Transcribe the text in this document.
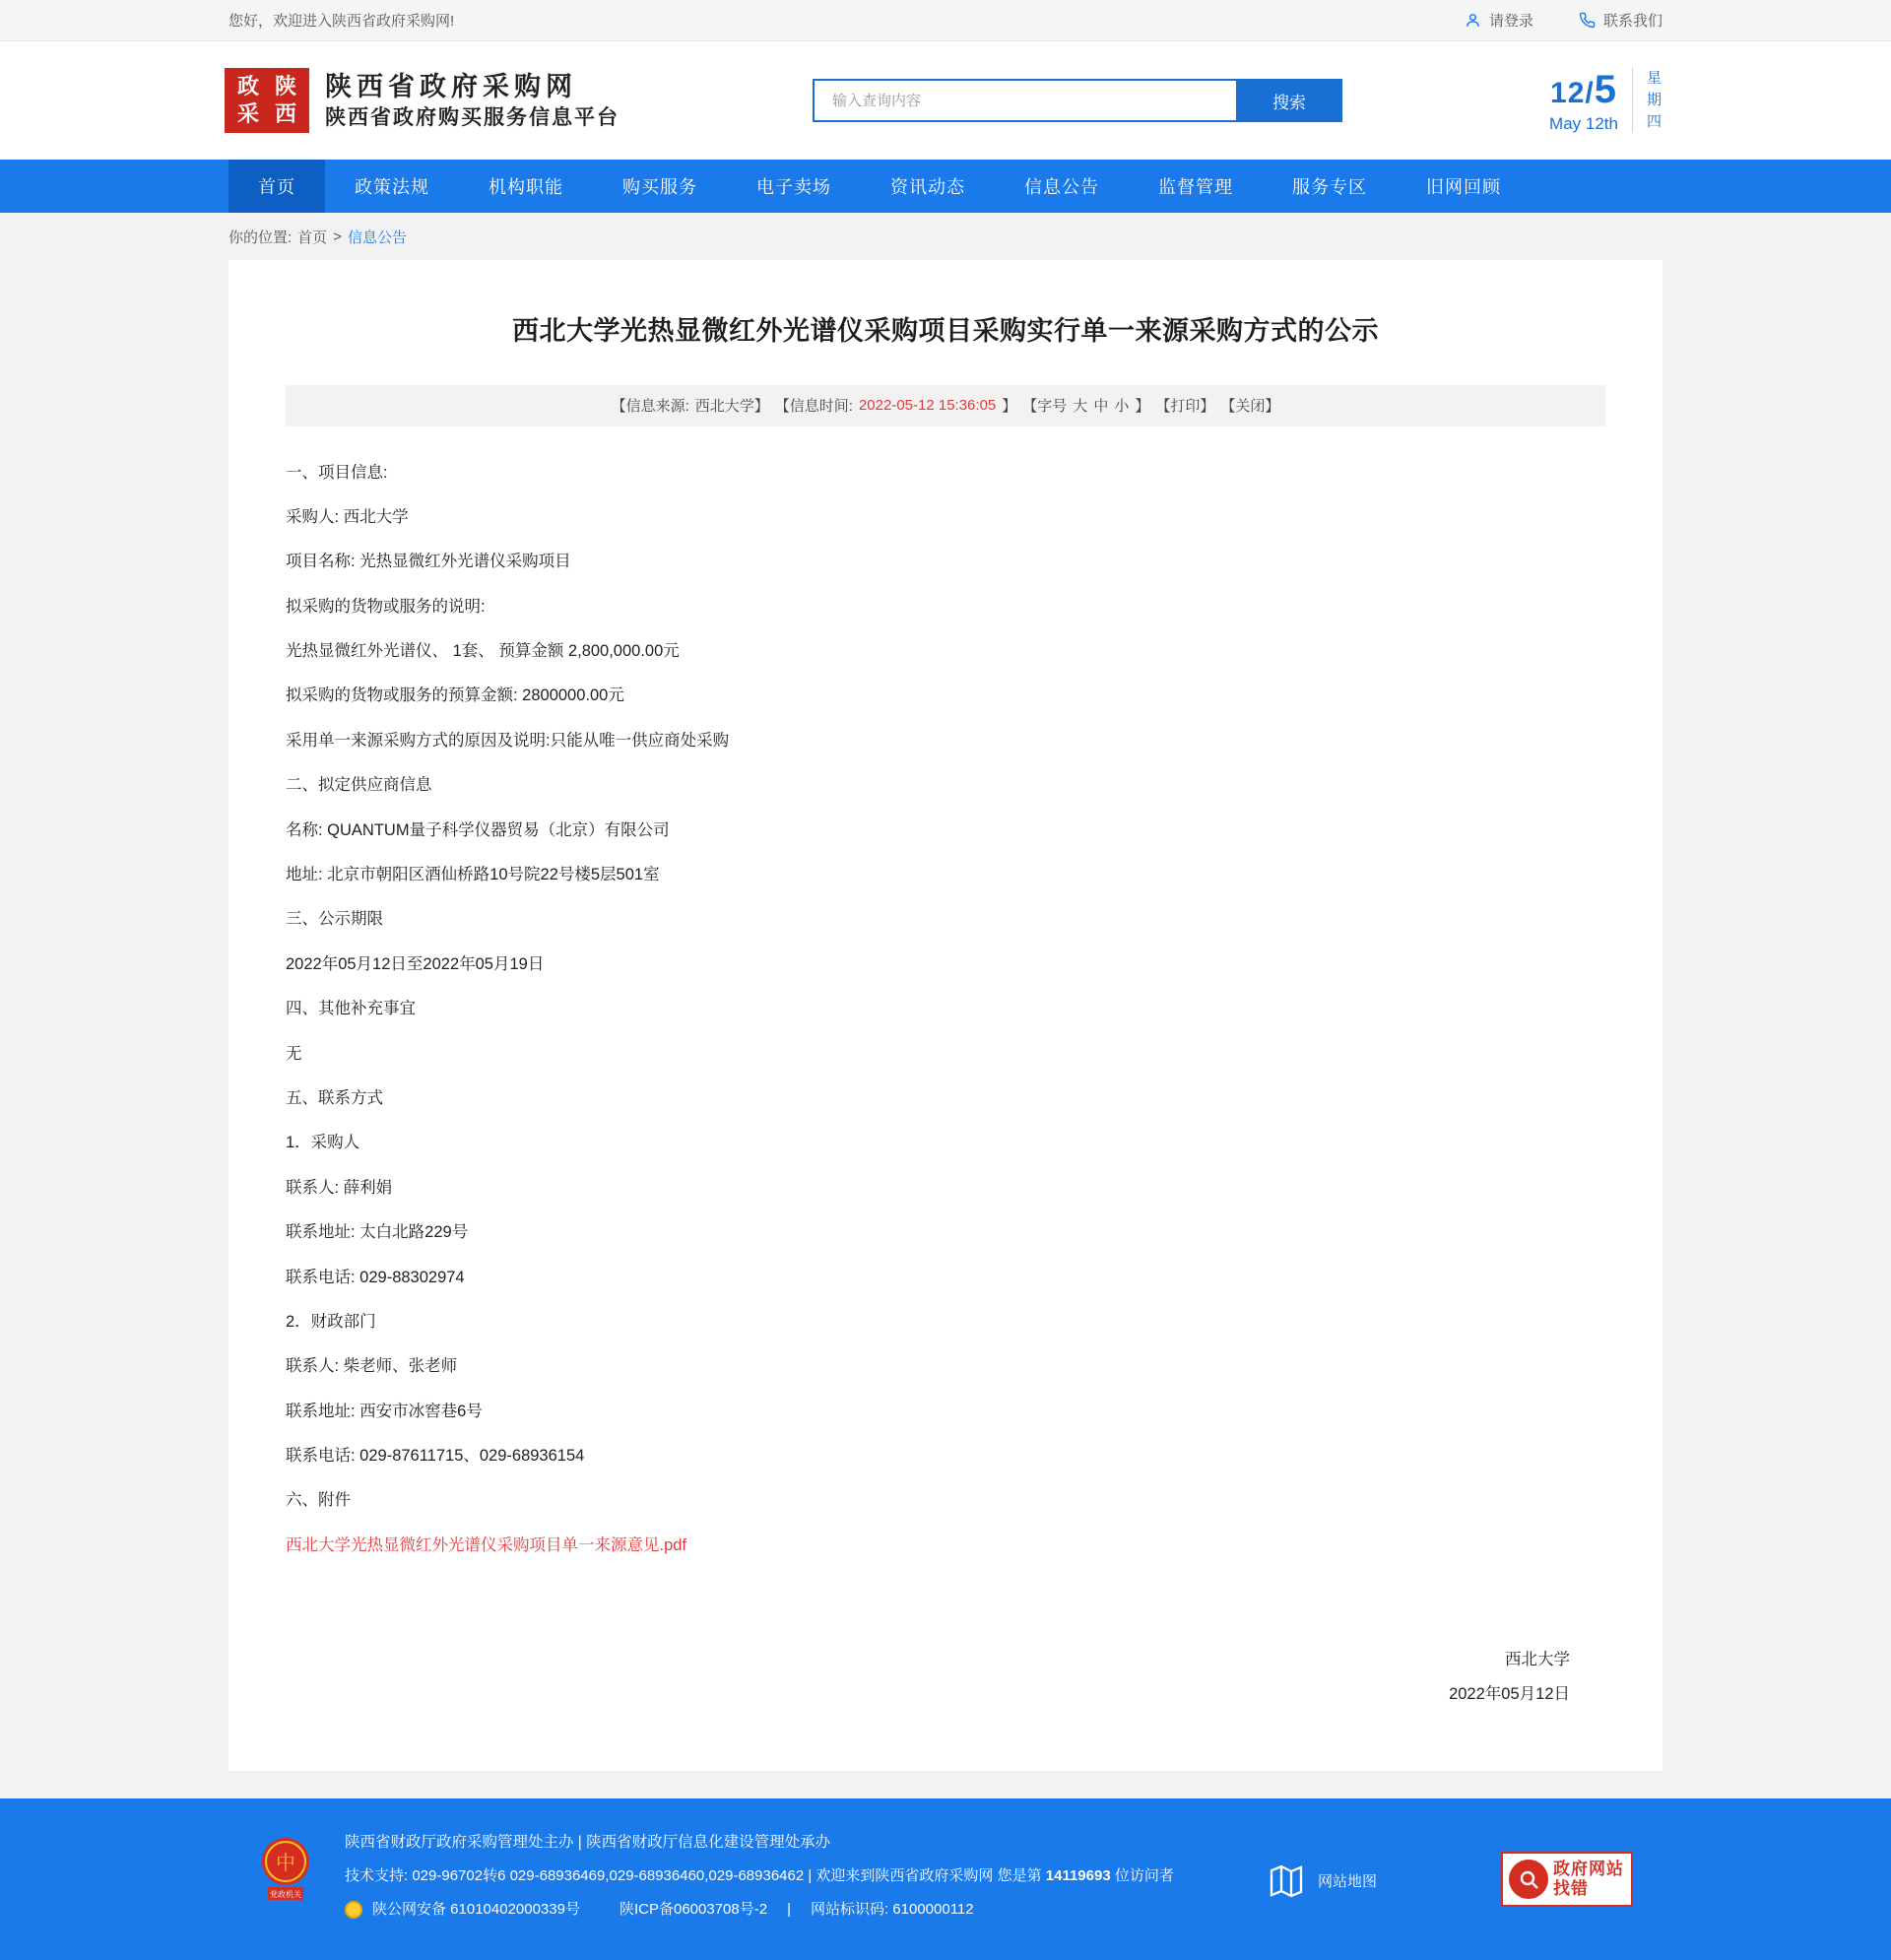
您好，欢迎进入陕西省政府采购网!	请登录	联系我们
政 陕
采 西
陕西省政府采购网
陕西省政府购买服务信息平台
输入查询内容
搜索	12/5
May 12th
星
期
四
首页	政策法规	机构职能	购买服务	电子卖场	资讯动态	信息公告	监督管理	服务专区	旧网回顾
你的位置: 首页 > 信息公告
西北大学光热显微红外光谱仪采购项目采购实行单一来源采购方式的公示
【信息来源: 西北大学】 【信息时间: 2022-05-12 15:36:05 】 【字号 大 中 小 】 【打印】 【关闭】

一、项目信息:

采购人: 西北大学

项目名称: 光热显微红外光谱仪采购项目

拟采购的货物或服务的说明:

光热显微红外光谱仪、 1套、 预算金额 2,800,000.00元

拟采购的货物或服务的预算金额: 2800000.00元

采用单一来源采购方式的原因及说明:只能从唯一供应商处采购

二、拟定供应商信息

名称: QUANTUM量子科学仪器贸易（北京）有限公司

地址: 北京市朝阳区酒仙桥路10号院22号楼5层501室

三、公示期限

2022年05月12日至2022年05月19日

四、其他补充事宜

无

五、联系方式

1．采购人

联系人: 薛利娟

联系地址: 太白北路229号

联系电话: 029-88302974

2．财政部门

联系人: 柴老师、张老师

联系地址: 西安市冰窖巷6号

联系电话: 029-87611715、029-68936154

六、附件

西北大学光热显微红外光谱仪采购项目单一来源意见.pdf

西北大学
2022年05月12日
中
党政机关
陕西省财政厅政府采购管理处主办 | 陕西省财政厅信息化建设管理处承办
技术支持: 029-96702转6 029-68936469,029-68936460,029-68936462 | 欢迎来到陕西省政府采购网 您是第 14119693 位访问者
陕公网安备 61010402000339号	陕ICP备06003708号-2 | 网站标识码: 6100000112
网站地图
政府网站
找错
